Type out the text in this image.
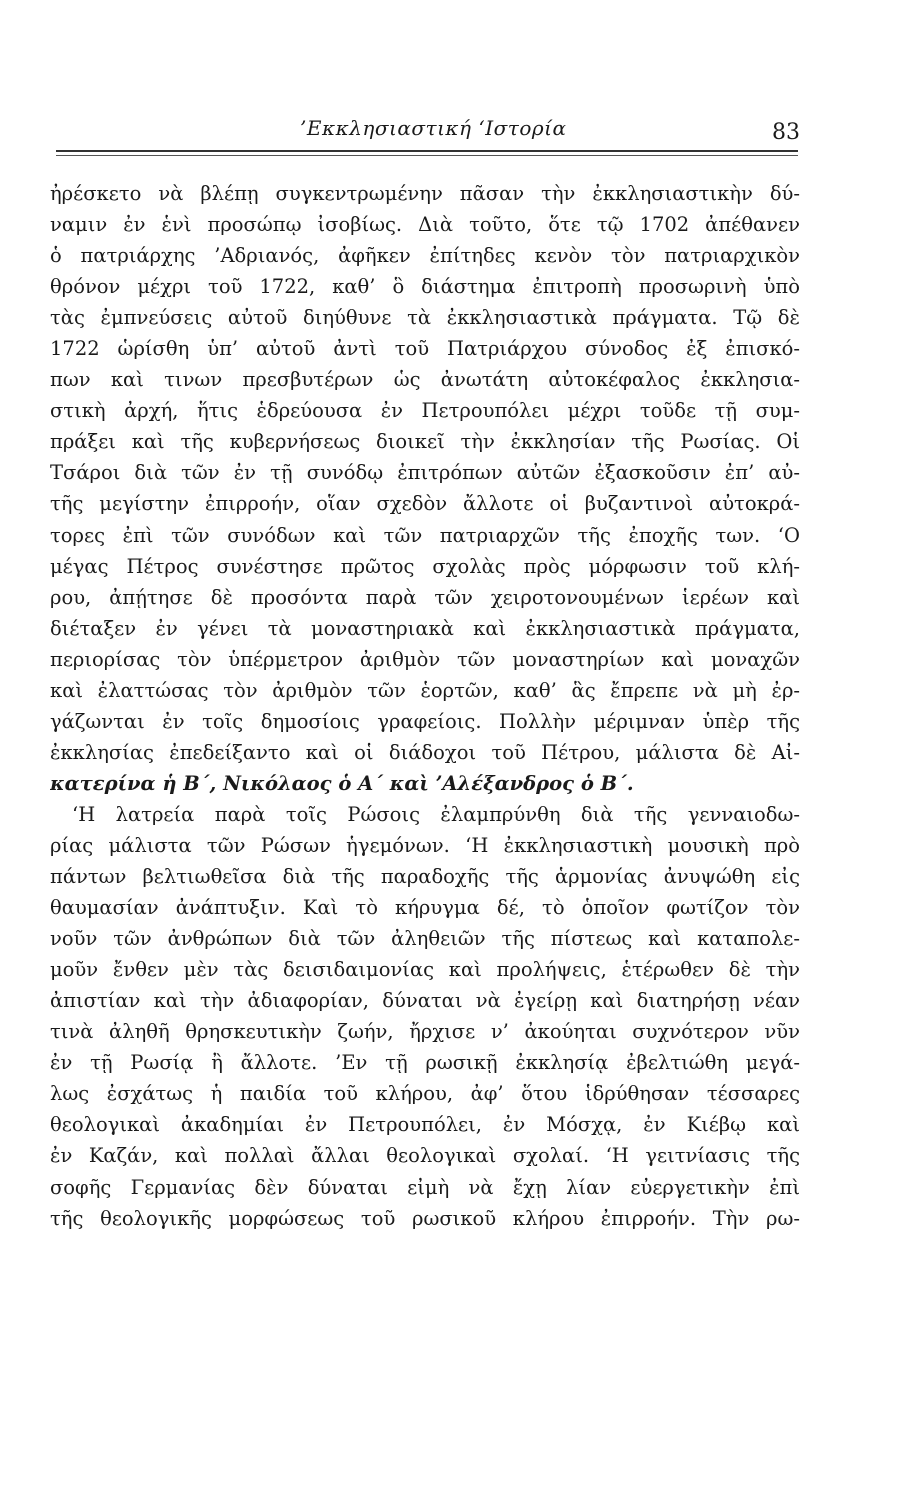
’Εκκλησιαστική ‘Ιστορία	83
ἠρέσκετο νὰ βλέπῃ συγκεντρωμένην πᾶσαν τὴν ἐκκλησιαστικὴν δύ-
ναμιν ἐν ἑνὶ προσώπῳ ἰσοβίως. Διὰ τοῦτο, ὅτε τῷ 1702 ἀπέθανεν
ὁ πατριάρχης ’Αδριανός, ἀφῆκεν ἐπίτηδες κενὸν τὸν πατριαρχικὸν
θρόνον μέχρι τοῦ 1722, καθ’ ὃ διάστημα ἐπιτροπὴ προσωρινὴ ὑπὸ
τὰς ἐμπνεύσεις αὐτοῦ διηύθυνε τὰ ἐκκλησιαστικὰ πράγματα. Τῷ δὲ
1722 ὡρίσθη ὑπ’ αὐτοῦ ἀντὶ τοῦ Πατριάρχου σύνοδος ἐξ ἐπισκό-
πων καὶ τινων πρεσβυτέρων ὡς ἀνωτάτη αὐτοκέφαλος ἐκκλησια-
στικὴ ἀρχή, ἥτις ἑδρεύουσα ἐν Πετρουπόλει μέχρι τοῦδε τῇ συμ-
πράξει καὶ τῆς κυβερνήσεως διοικεῖ τὴν ἐκκλησίαν τῆς Ρωσίας. Οἱ
Τσάροι διὰ τῶν ἐν τῇ συνόδῳ ἐπιτρόπων αὐτῶν ἐξασκοῦσιν ἐπ’ αὐ-
τῆς μεγίστην ἐπιρροήν, οἵαν σχεδὸν ἄλλοτε οἱ βυζαντινοὶ αὐτοκρά-
τορες ἐπὶ τῶν συνόδων καὶ τῶν πατριαρχῶν τῆς ἐποχῆς των. ‘Ο
μέγας Πέτρος συνέστησε πρῶτος σχολὰς πρὸς μόρφωσιν τοῦ κλή-
ρου, ἀπῄτησε δὲ προσόντα παρὰ τῶν χειροτονουμένων ἱερέων καὶ
διέταξεν ἐν γένει τὰ μοναστηριακὰ καὶ ἐκκλησιαστικὰ πράγματα,
περιορίσας τὸν ὑπέρμετρον ἀριθμὸν τῶν μοναστηρίων καὶ μοναχῶν
καὶ ἐλαττώσας τὸν ἀριθμὸν τῶν ἑορτῶν, καθ’ ἃς ἔπρεπε νὰ μὴ ἐρ-
γάζωνται ἐν τοῖς δημοσίοις γραφείοις. Πολλὴν μέριμναν ὑπὲρ τῆς
ἐκκλησίας ἐπεδείξαντο καὶ οἱ διάδοχοι τοῦ Πέτρου, μάλιστα δὲ Αἰ-
κατερίνα ἡ Β΄, Νικόλαος ὁ Α΄ καὶ ’Αλέξανδρος ὁ Β΄.
‘Η λατρεία παρὰ τοῖς Ρώσοις ἐλαμπρύνθη διὰ τῆς γενναιοδω-
ρίας μάλιστα τῶν Ρώσων ἡγεμόνων. ‘Η ἐκκλησιαστικὴ μουσικὴ πρὸ
πάντων βελτιωθεῖσα διὰ τῆς παραδοχῆς τῆς ἁρμονίας ἀνυψώθη εἰς
θαυμασίαν ἀνάπτυξιν. Καὶ τὸ κήρυγμα δέ, τὸ ὁποῖον φωτίζον τὸν
νοῦν τῶν ἀνθρώπων διὰ τῶν ἀληθειῶν τῆς πίστεως καὶ καταπολε-
μοῦν ἔνθεν μὲν τὰς δεισιδαιμονίας καὶ προλήψεις, ἑτέρωθεν δὲ τὴν
ἀπιστίαν καὶ τὴν ἀδιαφορίαν, δύναται νὰ ἐγείρῃ καὶ διατηρήσῃ νέαν
τινὰ ἀληθῆ θρησκευτικὴν ζωήν, ἤρχισε ν’ ἀκούηται συχνότερον νῦν
ἐν τῇ Ρωσίᾳ ἢ ἄλλοτε. ’Εν τῇ ρωσικῇ ἐκκλησίᾳ ἐβελτιώθη μεγά-
λως ἐσχάτως ἡ παιδία τοῦ κλήρου, ἀφ’ ὅτου ἱδρύθησαν τέσσαρες
θεολογικαὶ ἀκαδημίαι ἐν Πετρουπόλει, ἐν Μόσχᾳ, ἐν Κιέβῳ καὶ
ἐν Καζάν, καὶ πολλαὶ ἄλλαι θεολογικαὶ σχολαί. ‘Η γειτνίασις τῆς
σοφῆς Γερμανίας δὲν δύναται εἰμὴ νὰ ἔχῃ λίαν εὐεργετικὴν ἐπὶ
τῆς θεολογικῆς μορφώσεως τοῦ ρωσικοῦ κλήρου ἐπιρροήν. Τὴν ρω-
